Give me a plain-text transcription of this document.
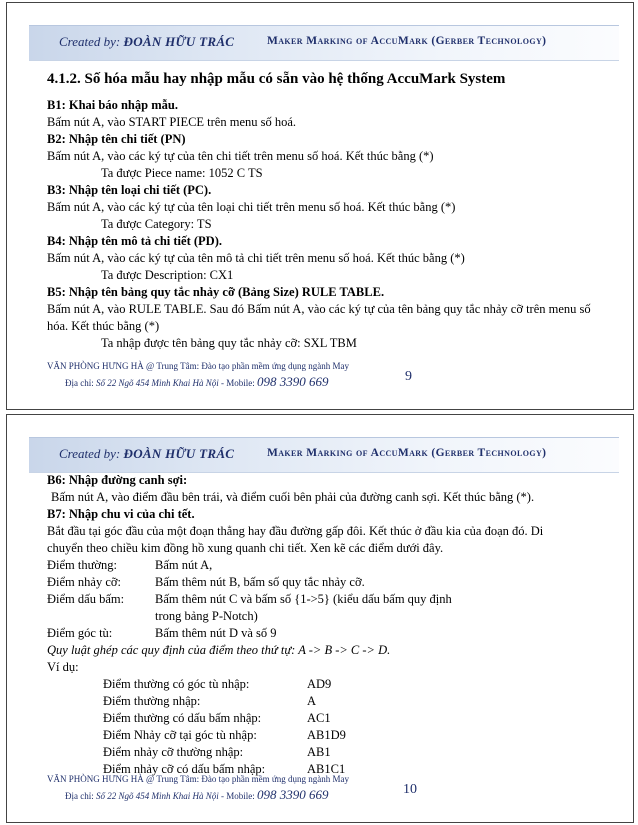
Created by: ĐOÀN HỮU TRÁC	Maker Marking of AccuMark (Gerber Technology)
4.1.2. Số hóa mẫu hay nhập mẫu có sẵn vào hệ thống AccuMark System
B1: Khai báo nhập mẫu.
Bấm nút A, vào START PIECE trên menu số hoá.
B2: Nhập tên chi tiết (PN)
Bấm nút A, vào các ký tự của tên chi tiết trên menu số hoá. Kết thúc bằng (*)
Ta được Piece name: 1052 C TS
B3: Nhập tên loại chi tiết (PC).
Bấm nút A, vào các ký tự của tên loại chi tiết trên menu số hoá. Kết thúc bằng (*)
Ta được Category: TS
B4: Nhập tên mô tả chi tiết (PD).
Bấm nút A, vào các ký tự của tên mô tả chi tiết trên menu số hoá. Kết thúc bằng (*)
Ta được Description: CX1
B5: Nhập tên bảng quy tắc nhảy cỡ (Bảng Size) RULE TABLE.
Bấm nút A, vào RULE TABLE. Sau đó Bấm nút A, vào các ký tự của tên bảng quy tắc nhảy cỡ trên menu số hóa. Kết thúc bằng (*)
Ta nhập được tên bảng quy tắc nhảy cỡ: SXL TBM
VĂN PHÒNG HƯNG HÀ @ Trung Tâm: Đào tạo phần mềm ứng dụng ngành May
Địa chỉ: Số 22 Ngõ 454 Minh Khai Hà Nội - Mobile: 098 3390 669	9
Created by: ĐOÀN HỮU TRÁC	Maker Marking of AccuMark (Gerber Technology)
B6: Nhập đường canh sợi:
Bấm nút A, vào điểm đầu bên trái, và điểm cuối bên phải của đường canh sợi. Kết thúc bằng (*).
B7: Nhập chu vi của chi tết.
Bắt đầu tại góc đầu của một đoạn thẳng hay đầu đường gấp đôi. Kết thúc ở đầu kia của đoạn đó. Di chuyển theo chiều kim đồng hồ xung quanh chi tiết. Xen kẽ các điểm dưới đây.
Điểm thường:	Bấm nút A,
Điểm nhảy cỡ:	Bấm thêm nút B, bấm số quy tắc nhảy cỡ.
Điểm dấu bấm:	Bấm thêm nút C và bấm số {1->5} (kiểu dấu bấm quy định trong bảng P-Notch)
Điểm góc tù:	Bấm thêm nút D và số 9
Quy luật ghép các quy định của điểm theo thứ tự: A -> B -> C -> D.
Ví dụ:
Điểm thường có góc tù nhập:	AD9
Điểm thường nhập:	A
Điểm thường có dấu bấm nhập:	AC1
Điểm Nhảy cỡ tại góc tù nhập:	AB1D9
Điểm nhảy cỡ thường nhập:	AB1
Điểm nhảy cỡ có dấu bấm nhập:	AB1C1
VĂN PHÒNG HƯNG HÀ @ Trung Tâm: Đào tạo phần mềm ứng dụng ngành May
Địa chỉ: Số 22 Ngõ 454 Minh Khai Hà Nội - Mobile: 098 3390 669	10
